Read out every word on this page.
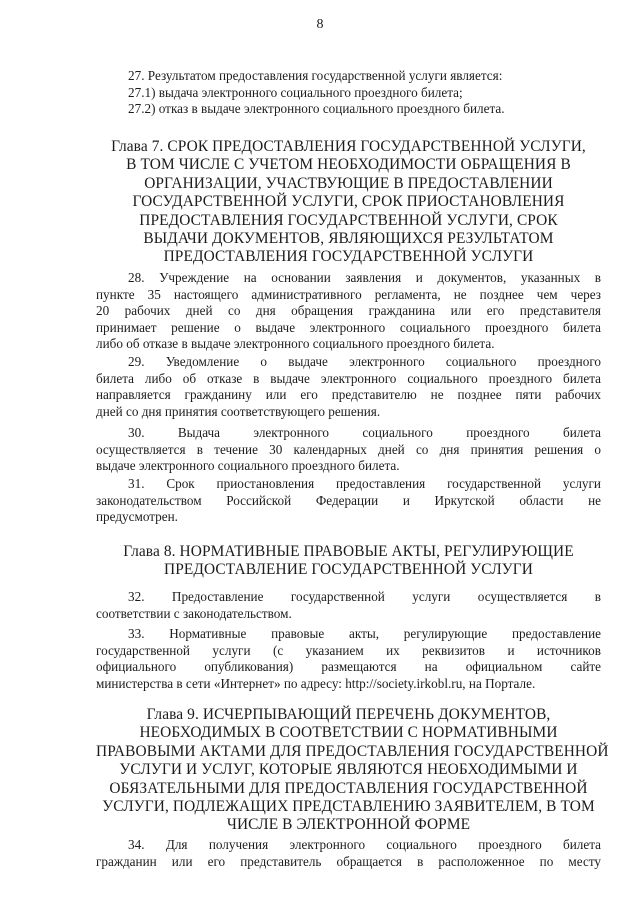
8

27. Результатом предоставления государственной услуги является:

27.1) выдача электронного социального проездного билета;

27.2) отказ в выдаче электронного социального проездного билета.

Глава 7. СРОК ПРЕДОСТАВЛЕНИЯ ГОСУДАРСТВЕННОЙ УСЛУГИ,
В ТОМ ЧИСЛЕ С УЧЕТОМ НЕОБХОДИМОСТИ ОБРАЩЕНИЯ В
ОРГАНИЗАЦИИ, УЧАСТВУЮЩИЕ В ПРЕДОСТАВЛЕНИИ
ГОСУДАРСТВЕННОЙ УСЛУГИ, СРОК ПРИОСТАНОВЛЕНИЯ
ПРЕДОСТАВЛЕНИЯ ГОСУДАРСТВЕННОЙ УСЛУГИ, СРОК
ВЫДАЧИ ДОКУМЕНТОВ, ЯВЛЯЮЩИХСЯ РЕЗУЛЬТАТОМ
ПРЕДОСТАВЛЕНИЯ ГОСУДАРСТВЕННОЙ УСЛУГИ

28. Учреждение на основании заявления и документов, указанных в

пункте 35 настоящего административного регламента, не позднее чем через

20 рабочих дней со дня обращения гражданина или его представителя

принимает решение о выдаче электронного социального проездного билета

либо об отказе в выдаче электронного социального проездного билета.

29. Уведомление о выдаче электронного социального проездного

билета либо об отказе в выдаче электронного социального проездного билета

направляется гражданину или его представителю не позднее пяти рабочих

дней со дня принятия соответствующего решения.

30. Выдача электронного социального проездного билета

осуществляется в течение 30 календарных дней со дня принятия решения о

выдаче электронного социального проездного билета.

31. Срок приостановления предоставления государственной услуги

законодательством Российской Федерации и Иркутской области не

предусмотрен.

Глава 8. НОРМАТИВНЫЕ ПРАВОВЫЕ АКТЫ, РЕГУЛИРУЮЩИЕ
ПРЕДОСТАВЛЕНИЕ ГОСУДАРСТВЕННОЙ УСЛУГИ

32. Предоставление государственной услуги осуществляется в

соответствии с законодательством.

33. Нормативные правовые акты, регулирующие предоставление

государственной услуги (с указанием их реквизитов и источников

официального опубликования) размещаются на официальном сайте

министерства в сети «Интернет» по адресу: http://society.irkobl.ru, на Портале.

Глава 9. ИСЧЕРПЫВАЮЩИЙ ПЕРЕЧЕНЬ ДОКУМЕНТОВ,
НЕОБХОДИМЫХ В СООТВЕТСТВИИ С НОРМАТИВНЫМИ
ПРАВОВЫМИ АКТАМИ ДЛЯ ПРЕДОСТАВЛЕНИЯ ГОСУДАРСТВЕННОЙ
УСЛУГИ И УСЛУГ, КОТОРЫЕ ЯВЛЯЮТСЯ НЕОБХОДИМЫМИ И
ОБЯЗАТЕЛЬНЫМИ ДЛЯ ПРЕДОСТАВЛЕНИЯ ГОСУДАРСТВЕННОЙ
УСЛУГИ, ПОДЛЕЖАЩИХ ПРЕДСТАВЛЕНИЮ ЗАЯВИТЕЛЕМ, В ТОМ
ЧИСЛЕ В ЭЛЕКТРОННОЙ ФОРМЕ

34. Для получения электронного социального проездного билета

гражданин или его представитель обращается в расположенное по месту
